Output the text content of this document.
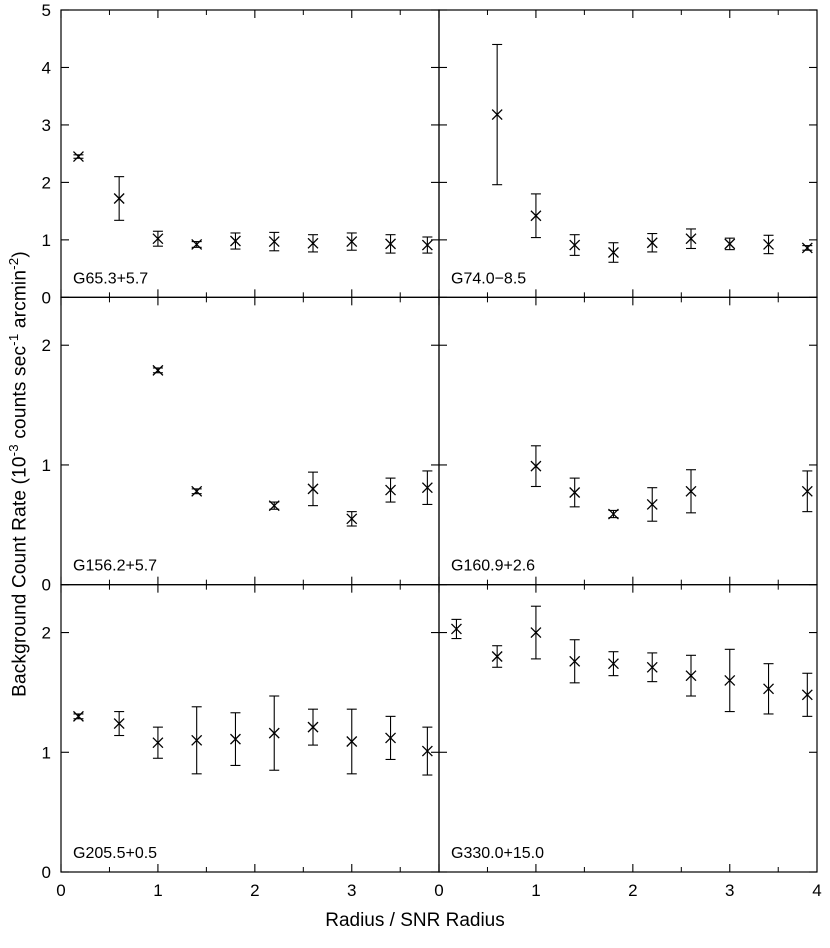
Background Count Rate ($10^{-3}$ counts $\sec^{-1} arcmin^{-2}$)
0
1
2
3
4
5
G65.3+5.7	G74.0−8.5
0
1
2
G156.2+5.7	G160.9+2.6
0
1
2
0	1	2	3
G205.5+0.5
0	1	2	3	4
G330.0+15.0
Radius / SNR Radius
